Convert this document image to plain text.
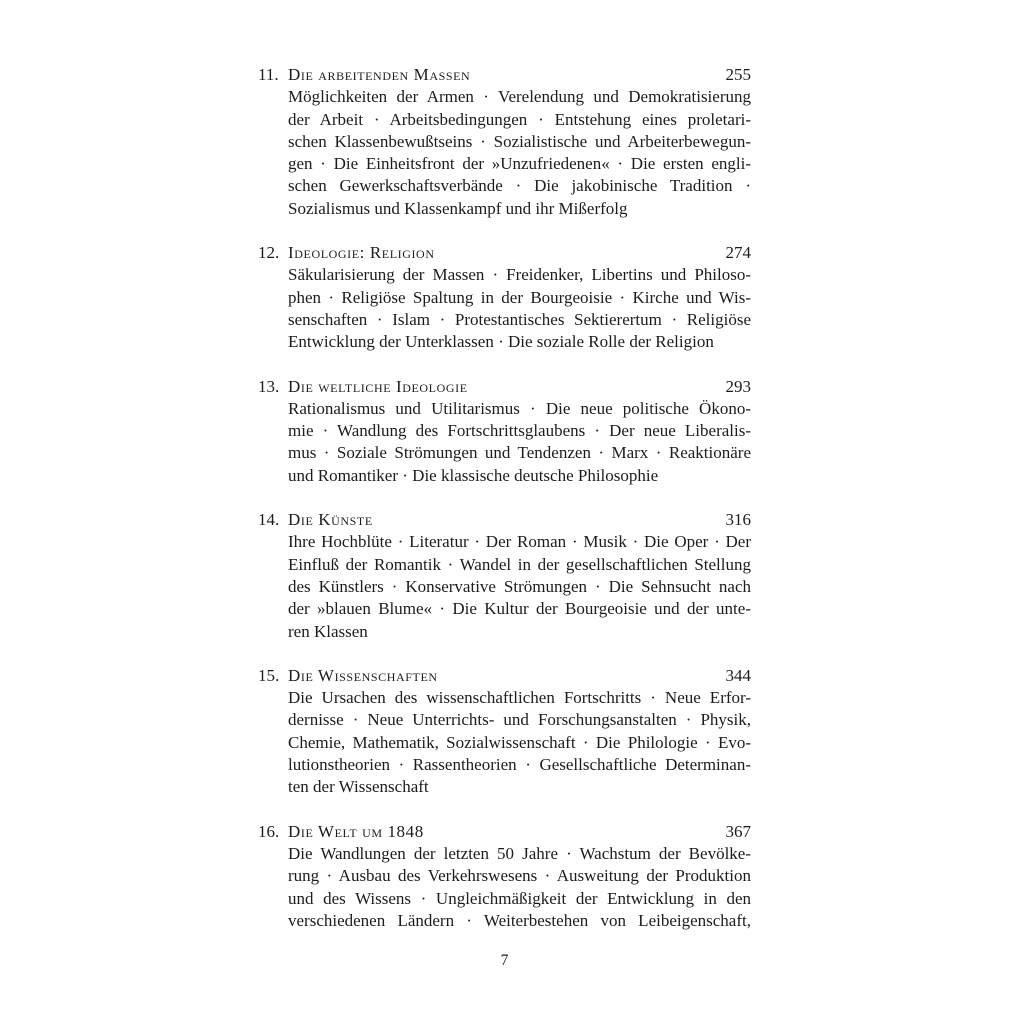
11. Die arbeitenden Massen	255
Möglichkeiten der Armen · Verelendung und Demokratisierung
der Arbeit · Arbeitsbedingungen · Entstehung eines proletari-
schen Klassenbewußtseins · Sozialistische und Arbeiterbewegun-
gen · Die Einheitsfront der »Unzufriedenen« · Die ersten engli-
schen Gewerkschaftsverbände · Die jakobinische Tradition ·
Sozialismus und Klassenkampf und ihr Mißerfolg
12. Ideologie: Religion	274
Säkularisierung der Massen · Freidenker, Libertins und Philoso-
phen · Religiöse Spaltung in der Bourgeoisie · Kirche und Wis-
senschaften · Islam · Protestantisches Sektierertum · Religiöse
Entwicklung der Unterklassen · Die soziale Rolle der Religion
13. Die weltliche Ideologie	293
Rationalismus und Utilitarismus · Die neue politische Ökono-
mie · Wandlung des Fortschrittsglaubens · Der neue Liberalis-
mus · Soziale Strömungen und Tendenzen · Marx · Reaktionäre
und Romantiker · Die klassische deutsche Philosophie
14. Die Künste	316
Ihre Hochblüte · Literatur · Der Roman · Musik · Die Oper · Der
Einfluß der Romantik · Wandel in der gesellschaftlichen Stellung
des Künstlers · Konservative Strömungen · Die Sehnsucht nach
der »blauen Blume« · Die Kultur der Bourgeoisie und der unte-
ren Klassen
15. Die Wissenschaften	344
Die Ursachen des wissenschaftlichen Fortschritts · Neue Erfor-
dernisse · Neue Unterrichts- und Forschungsanstalten · Physik,
Chemie, Mathematik, Sozialwissenschaft · Die Philologie · Evo-
lutionstheorien · Rassentheorien · Gesellschaftliche Determinan-
ten der Wissenschaft
16. Die Welt um 1848	367
Die Wandlungen der letzten 50 Jahre · Wachstum der Bevölke-
rung · Ausbau des Verkehrswesens · Ausweitung der Produktion
und des Wissens · Ungleichmäßigkeit der Entwicklung in den
verschiedenen Ländern · Weiterbestehen von Leibeigenschaft,
7
